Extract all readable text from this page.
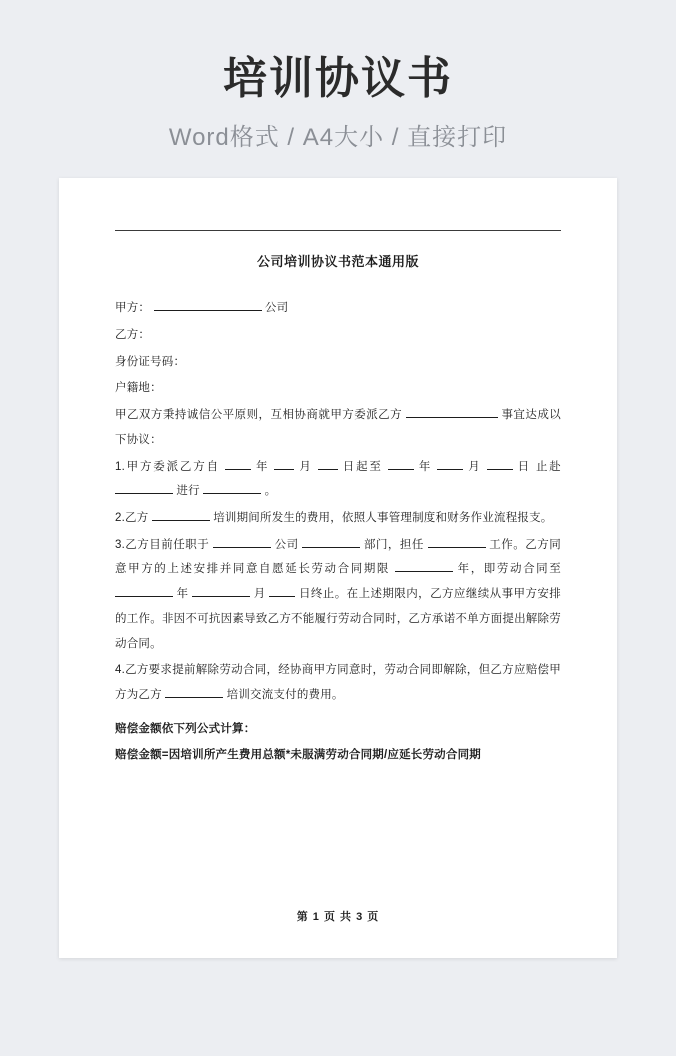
培训协议书
Word格式 / A4大小 / 直接打印
公司培训协议书范本通用版

甲方：	公司

乙方：

身份证号码：

户籍地：

甲乙双方秉持诚信公平原则，互相协商就甲方委派乙方	事宜达成以下协议：

1.甲方委派乙方自	年	月	日起至	年	月	日 止赴  进行	。

2.乙方	培训期间所发生的费用，依照人事管理制度和财务作业流程报支。

3.乙方目前任职于	公司	部门，担任	工作。乙方同意甲方的上述安排并同意自愿延长劳动合同期限	年，即劳动合同至  年	月	日终止。在上述期限内，乙方应继续从事甲方安排的工作。非因不可抗因素导致乙方不能履行劳动合同时，乙方承诺不单方面提出解除劳动合同。

4.乙方要求提前解除劳动合同，经协商甲方同意时，劳动合同即解除，但乙方应赔偿甲方为乙方	培训交流支付的费用。

赔偿金额依下列公式计算：

赔偿金额=因培训所产生费用总额*未服满劳动合同期/应延长劳动合同期

第 1 页 共 3 页
